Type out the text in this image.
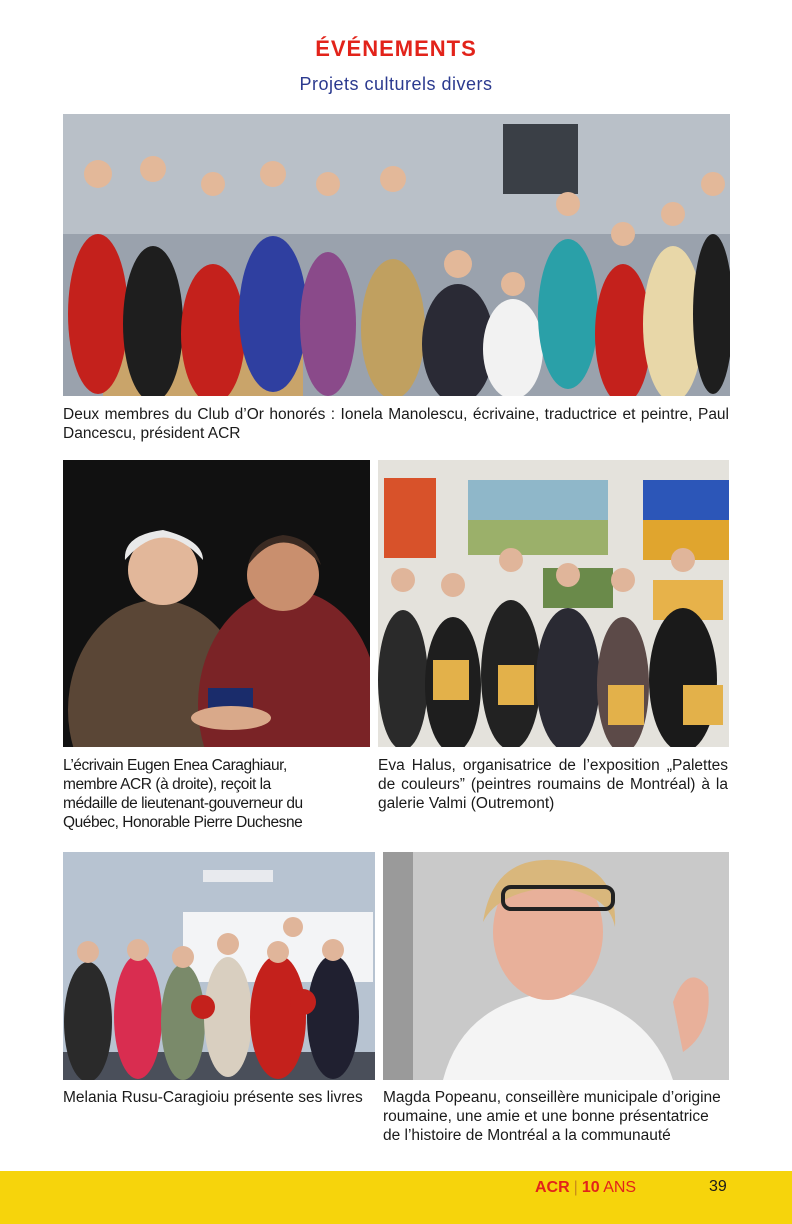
ÉVÉNEMENTS
Projets culturels divers
Deux membres du Club d’Or honorés : Ionela Manolescu, écrivaine, traductrice et peintre, Paul Dancescu, président ACR
L’écrivain Eugen Enea Caraghiaur,
membre ACR (à droite), reçoit la
médaille de lieutenant-gouverneur du
Québec, Honorable Pierre Duchesne
Eva Halus, organisatrice de l’exposition „Palettes de couleurs” (peintres roumains de Montréal) à la galerie Valmi (Outremont)
Melania Rusu-Caragioiu présente ses livres	Magda Popeanu, conseillère municipale d’origine roumaine, une amie et une bonne présentatrice de l’histoire de Montréal a la communauté
ACR | 10 ANS	39
